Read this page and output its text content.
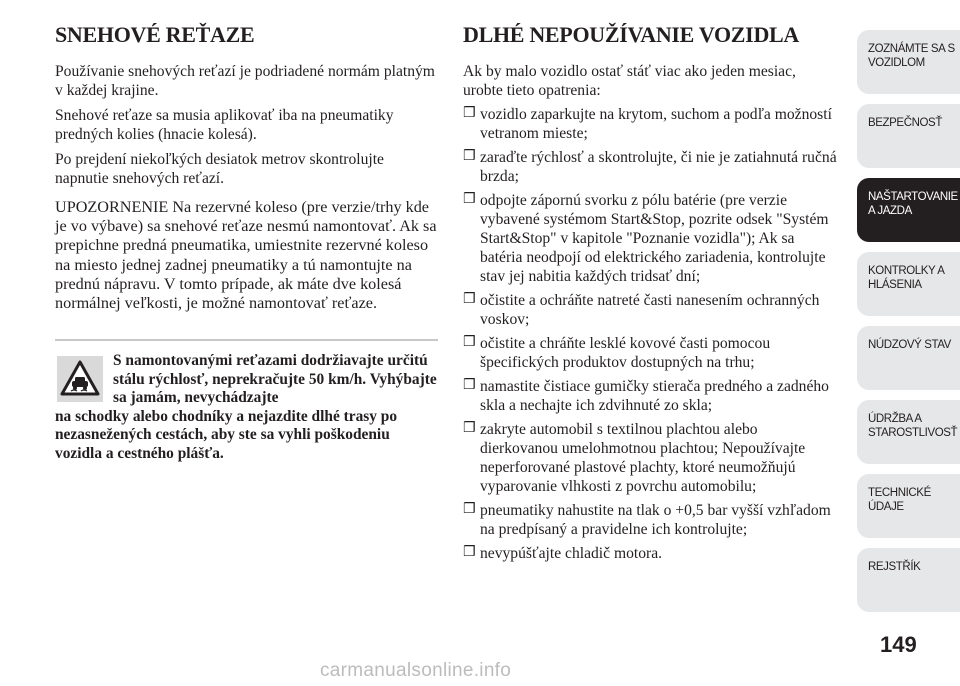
SNEHOVÉ REŤAZE

Používanie snehových reťazí je podriadené normám platným v každej krajine.

Snehové reťaze sa musia aplikovať iba na pneumatiky predných kolies (hnacie kolesá).

Po prejdení niekoľkých desiatok metrov skontrolujte napnutie snehových reťazí.

UPOZORNENIE Na rezervné koleso (pre verzie/trhy kde je vo výbave) sa snehové reťaze nesmú namontovať. Ak sa prepichne predná pneumatika, umiestnite rezervné koleso na miesto jednej zadnej pneumatiky a tú namontujte na prednú nápravu. V tomto prípade, ak máte dve kolesá normálnej veľkosti, je možné namontovať reťaze.

S namontovanými reťazami dodržiavajte určitú stálu rýchlosť, neprekračujte 50 km/h. Vyhýbajte sa jamám, nevychádzajte
na schodky alebo chodníky a nejazdite dlhé trasy po nezasnežených cestách, aby ste sa vyhli poškodeniu vozidla a cestného plášťa.
DLHÉ NEPOUŽÍVANIE VOZIDLA

Ak by malo vozidlo ostať stáť viac ako jeden mesiac, urobte tieto opatrenia:

❒ vozidlo zaparkujte na krytom, suchom a podľa možností vetranom mieste;
❒ zaraďte rýchlosť a skontrolujte, či nie je zatiahnutá ručná brzda;
❒ odpojte zápornú svorku z pólu batérie (pre verzie vybavené systémom Start&Stop, pozrite odsek "Systém Start&Stop" v kapitole "Poznanie vozidla"); Ak sa batéria neodpojí od elektrického zariadenia, kontrolujte stav jej nabitia každých tridsať dní;
❒ očistite a ochráňte natreté časti nanesením ochranných voskov;
❒ očistite a chráňte lesklé kovové časti pomocou špecifických produktov dostupných na trhu;
❒ namastite čistiace gumičky stierača predného a zadného skla a nechajte ich zdvihnuté zo skla;
❒ zakryte automobil s textilnou plachtou alebo dierkovanou umelohmotnou plachtou; Nepoužívajte neperforované plastové plachty, ktoré neumožňujú vyparovanie vlhkosti z povrchu automobilu;
❒ pneumatiky nahustite na tlak o +0,5 bar vyšší vzhľadom na predpísaný a pravidelne ich kontrolujte;
❒ nevypúšťajte chladič motora.
ZOZNÁMTE SA S VOZIDLOM
BEZPEČNOSŤ
NAŠTARTOVANIE A JAZDA
KONTROLKY A HLÁSENIA
NÚDZOVÝ STAV
ÚDRŽBA A STAROSTLIVOSŤ
TECHNICKÉ ÚDAJE
REJSTŘÍK
149
carmanualsonline.info
